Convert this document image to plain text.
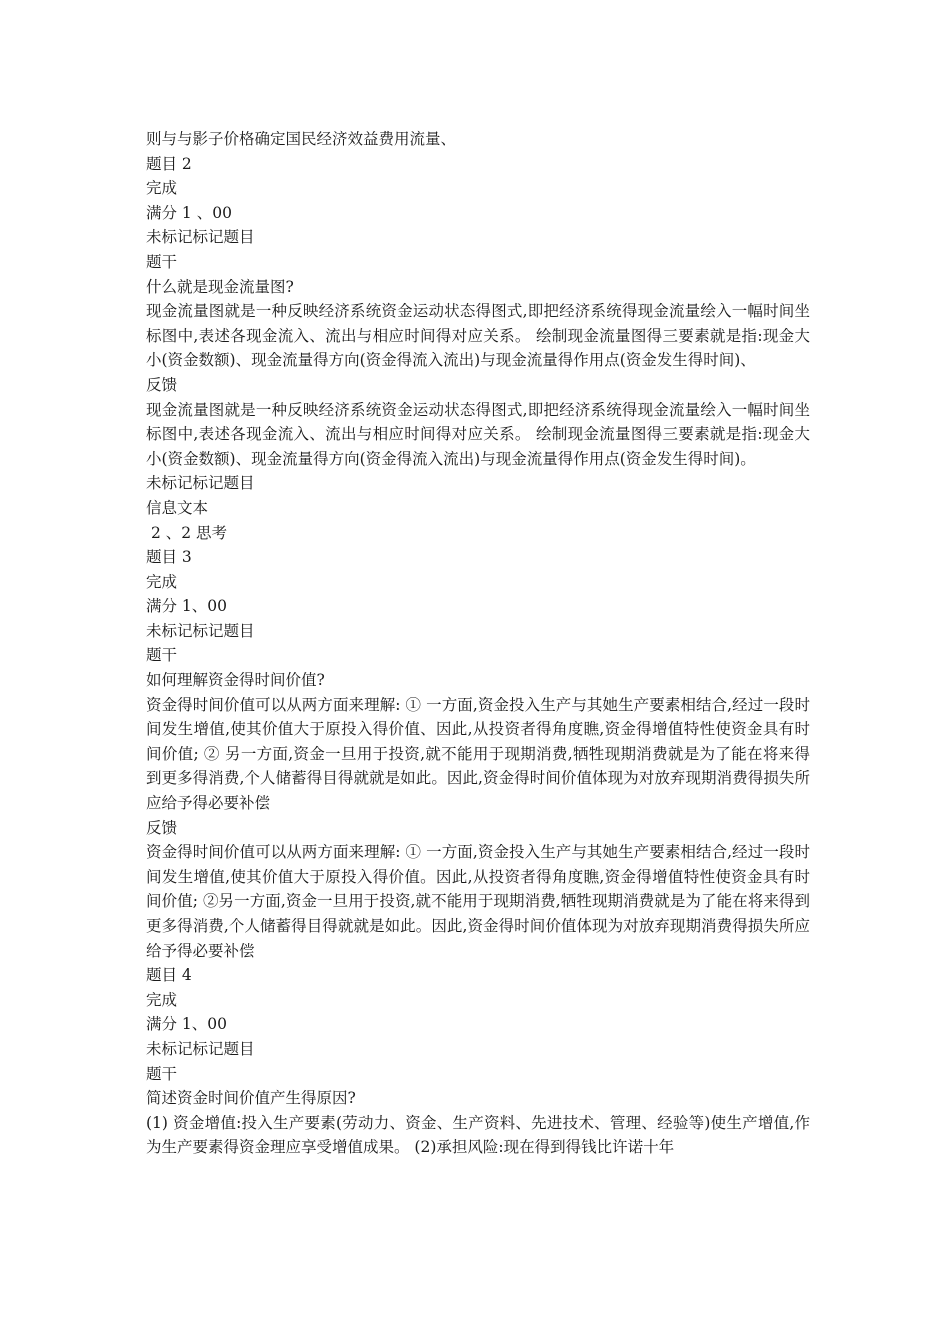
则与与影子价格确定国民经济效益费用流量、

题目 2

完成

满分 1 、00

未标记标记题目

题干

什么就是现金流量图?

现金流量图就是一种反映经济系统资金运动状态得图式,即把经济系统得现金流量绘入一幅时间坐标图中,表述各现金流入、流出与相应时间得对应关系。 绘制现金流量图得三要素就是指:现金大小(资金数额)、现金流量得方向(资金得流入流出)与现金流量得作用点(资金发生得时间)、

反馈

现金流量图就是一种反映经济系统资金运动状态得图式,即把经济系统得现金流量绘入一幅时间坐标图中,表述各现金流入、流出与相应时间得对应关系。 绘制现金流量图得三要素就是指:现金大小(资金数额)、现金流量得方向(资金得流入流出)与现金流量得作用点(资金发生得时间)。

未标记标记题目

信息文本

2 、2 思考

题目 3

完成

满分 1、00

未标记标记题目

题干

如何理解资金得时间价值?

资金得时间价值可以从两方面来理解: ① 一方面,资金投入生产与其她生产要素相结合,经过一段时间发生增值,使其价值大于原投入得价值、因此,从投资者得角度瞧,资金得增值特性使资金具有时间价值; ② 另一方面,资金一旦用于投资,就不能用于现期消费,牺牲现期消费就是为了能在将来得到更多得消费,个人储蓄得目得就就是如此。因此,资金得时间价值体现为对放弃现期消费得损失所应给予得必要补偿

反馈

资金得时间价值可以从两方面来理解: ① 一方面,资金投入生产与其她生产要素相结合,经过一段时间发生增值,使其价值大于原投入得价值。因此,从投资者得角度瞧,资金得增值特性使资金具有时间价值; ②另一方面,资金一旦用于投资,就不能用于现期消费,牺牲现期消费就是为了能在将来得到更多得消费,个人储蓄得目得就就是如此。因此,资金得时间价值体现为对放弃现期消费得损失所应给予得必要补偿

题目 4

完成

满分 1、00

未标记标记题目

题干

简述资金时间价值产生得原因?

(1) 资金增值:投入生产要素(劳动力、资金、生产资料、先进技术、管理、经验等)使生产增值,作为生产要素得资金理应享受增值成果。 (2)承担风险:现在得到得钱比许诺十年
